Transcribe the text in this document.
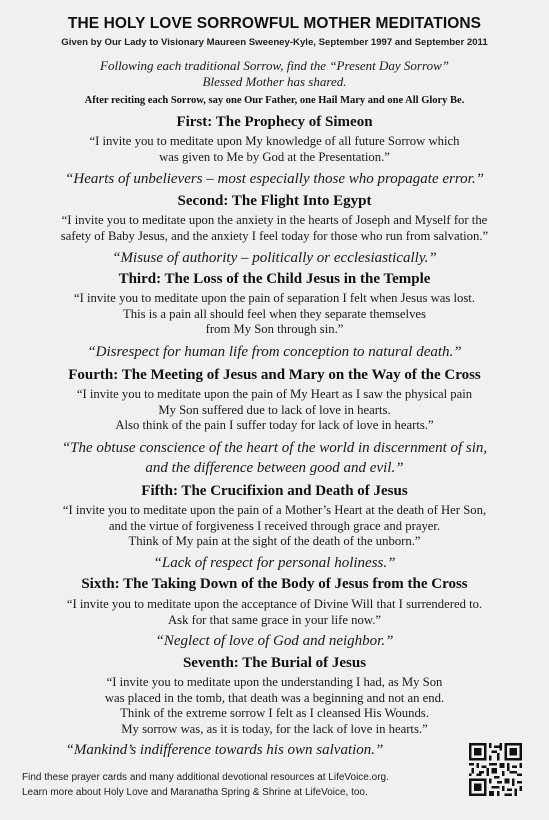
THE HOLY LOVE SORROWFUL MOTHER MEDITATIONS
Given by Our Lady to Visionary Maureen Sweeney-Kyle, September 1997 and September 2011
Following each traditional Sorrow, find the “Present Day Sorrow”
Blessed Mother has shared.
After reciting each Sorrow, say one Our Father, one Hail Mary and one All Glory Be.
First: The Prophecy of Simeon
“I invite you to meditate upon My knowledge of all future Sorrow which
was given to Me by God at the Presentation.”
“Hearts of unbelievers – most especially those who propagate error.”
Second: The Flight Into Egypt
“I invite you to meditate upon the anxiety in the hearts of Joseph and Myself for the
safety of Baby Jesus, and the anxiety I feel today for those who run from salvation.”
“Misuse of authority – politically or ecclesiastically.”
Third: The Loss of the Child Jesus in the Temple
“I invite you to meditate upon the pain of separation I felt when Jesus was lost.
This is a pain all should feel when they separate themselves
from My Son through sin.”
“Disrespect for human life from conception to natural death.”
Fourth: The Meeting of Jesus and Mary on the Way of the Cross
“I invite you to meditate upon the pain of My Heart as I saw the physical pain
My Son suffered due to lack of love in hearts.
Also think of the pain I suffer today for lack of love in hearts.”
“The obtuse conscience of the heart of the world in discernment of sin,
and the difference between good and evil.”
Fifth: The Crucifixion and Death of Jesus
“I invite you to meditate upon the pain of a Mother’s Heart at the death of Her Son,
and the virtue of forgiveness I received through grace and prayer.
Think of My pain at the sight of the death of the unborn.”
“Lack of respect for personal holiness.”
Sixth: The Taking Down of the Body of Jesus from the Cross
“I invite you to meditate upon the acceptance of Divine Will that I surrendered to.
Ask for that same grace in your life now.”
“Neglect of love of God and neighbor.”
Seventh: The Burial of Jesus
“I invite you to meditate upon the understanding I had, as My Son
was placed in the tomb, that death was a beginning and not an end.
Think of the extreme sorrow I felt as I cleansed His Wounds.
My sorrow was, as it is today, for the lack of love in hearts.”
“Mankind’s indifference towards his own salvation.”
Find these prayer cards and many additional devotional resources at LifeVoice.org.
Learn more about Holy Love and Maranatha Spring & Shrine at LifeVoice, too.
